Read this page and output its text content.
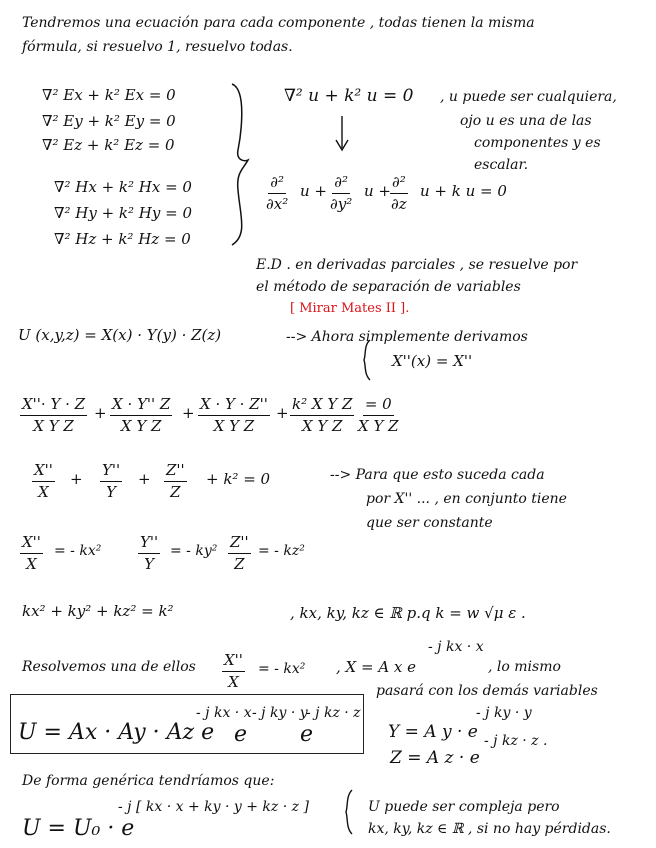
Tendremos una ecuación para cada componente , todas tienen la misma
fórmula, si resuelvo 1, resuelvo todas.
∇² Ex + k² Ex = 0
∇² Ey + k² Ey = 0
∇² Ez + k² Ez = 0
∇² Hx + k² Hx = 0
∇² Hy + k² Hy = 0
∇² Hz + k² Hz = 0
∇² u + k² u = 0 , u puede ser cualquiera,
ojo u es una de las
componentes y es
escalar.
∂²
∂x²
u + ∂²
∂y²
u + ∂²
∂z
u + k u = 0
E.D . en derivadas parciales , se resuelve por
el método de separación de variables
[ Mirar Mates II ].
U (x,y,z) = X(x) · Y(y) · Z(z)	--> Ahora simplemente derivamos
X''(x) = X''
$\frac{X''\cdot Y \cdot Z}{\text{X Y Z}} + \frac{X \cdot Y'' Z}{\text{X Y Z}} + \frac{X \cdot Y \cdot Z''}{\text{X Y Z}} + \frac{\text{k² X Y Z}}{\text{X Y Z}} \frac{= 0}{\text{X Y Z}}$
$\frac{X''}{X} + \frac{Y''}{Y} + \frac{Z''}{Z} + k^2 = 0$	--> Para que esto suceda cada
por X'' ... , en conjunto tiene
que ser constante
$\frac{X''}{X}$ = - $kx^2 \frac{Y''}{Y}$ = - $ky^2 \frac{Z''}{Z}$ = - kz²
kx² + ky² + kz² = k²	, kx, ky, kz ∈ ℝ p.q k = w √μ ε .
Resolvemos una de ellos $\frac{X''}{X}$ = - kx² , X = A x e
- j kx · x
, lo mismo
pasará con los demás variables
U = Ax · Ay · Az e
- j kx · x
e
- j ky · y
e
- j kz · z
Y = A y · e
- j ky · y
Z = A z · e
- j kz · z .
De forma genérica tendríamos que:
U = U₀ · e
- j [ kx · x + ky · y + kz · z ]	U puede ser compleja pero
kx, ky, kz ∈ ℝ , si no hay pérdidas.
